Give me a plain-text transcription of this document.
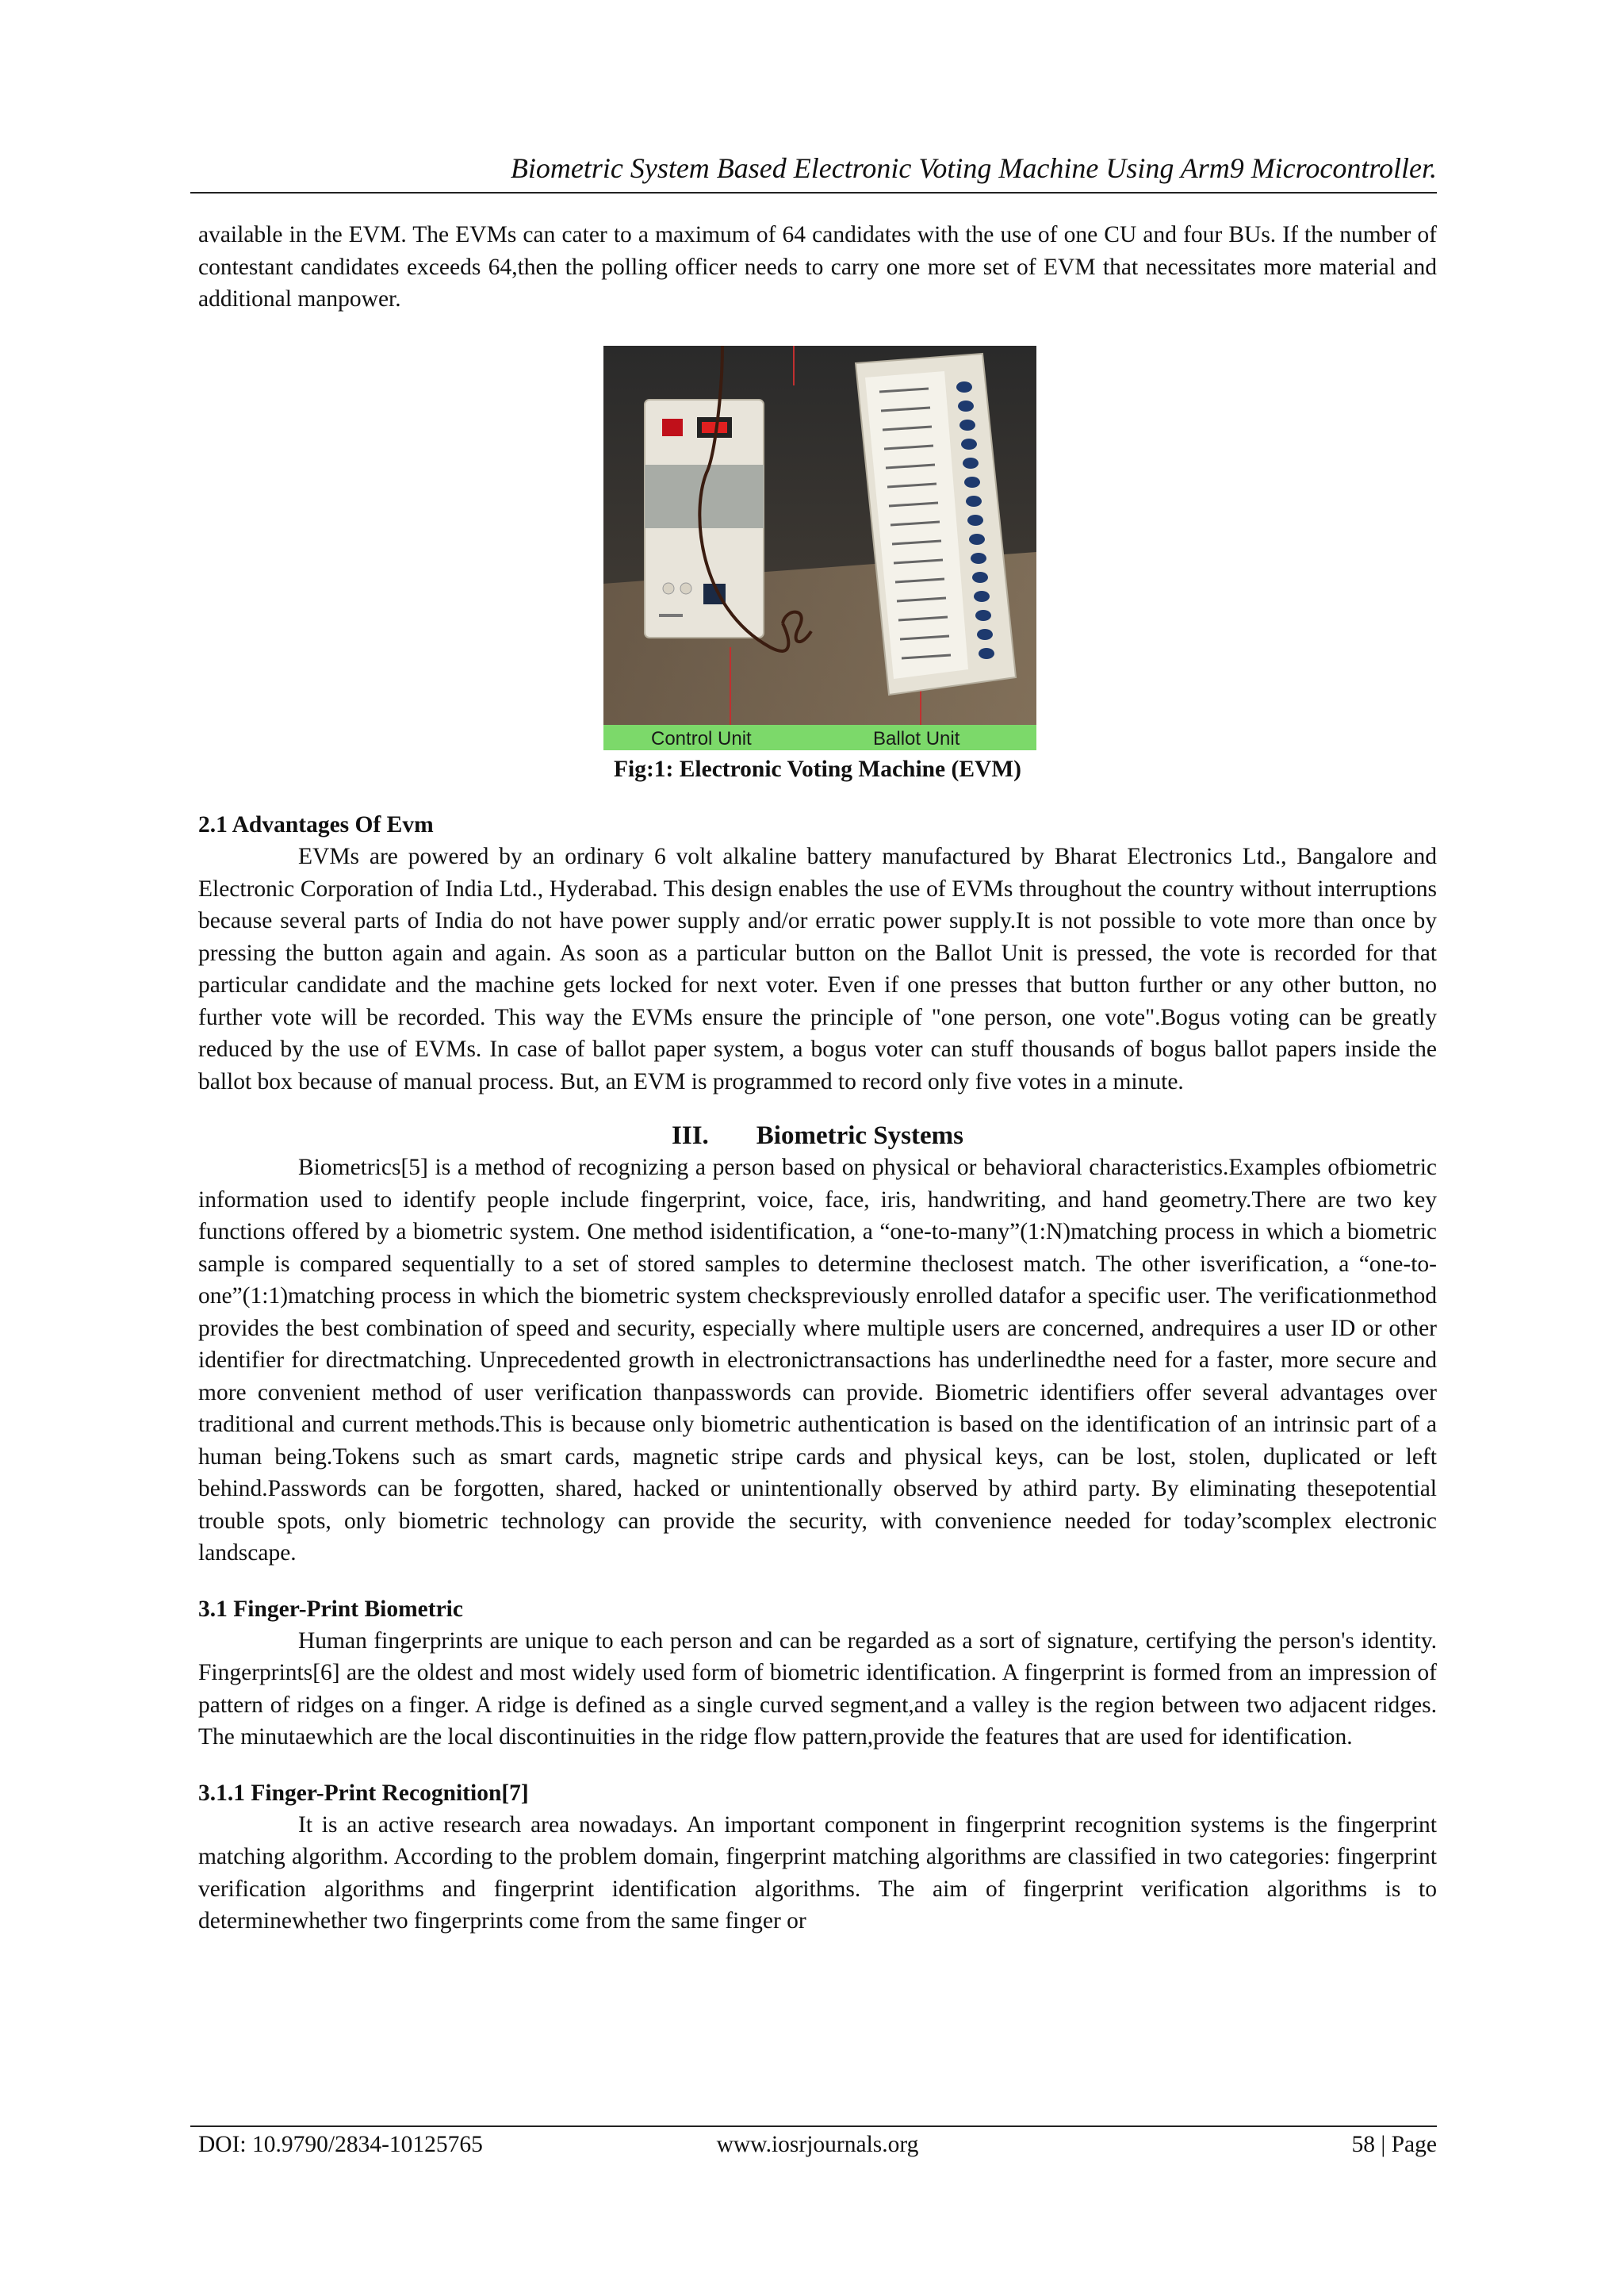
Biometric System Based Electronic Voting Machine Using Arm9 Microcontroller.

available in the EVM. The EVMs can cater to a maximum of 64 candidates with the use of one CU and four BUs. If the number of contestant candidates exceeds 64,then the polling officer needs to carry one more set of EVM that necessitates more material and additional manpower.

Control Unit	Ballot Unit

Fig:1: Electronic Voting Machine (EVM)

2.1 Advantages Of Evm

EVMs are powered by an ordinary 6 volt alkaline battery manufactured by Bharat Electronics Ltd., Bangalore and Electronic Corporation of India Ltd., Hyderabad. This design enables the use of EVMs throughout the country without interruptions because several parts of India do not have power supply and/or erratic power supply.It is not possible to vote more than once by pressing the button again and again. As soon as a particular button on the Ballot Unit is pressed, the vote is recorded for that particular candidate and the machine gets locked for next voter. Even if one presses that button further or any other button, no further vote will be recorded. This way the EVMs ensure the principle of "one person, one vote".Bogus voting can be greatly reduced by the use of EVMs. In case of ballot paper system, a bogus voter can stuff thousands of bogus ballot papers inside the ballot box because of manual process. But, an EVM is programmed to record only five votes in a minute.

III. Biometric Systems

Biometrics[5] is a method of recognizing a person based on physical or behavioral characteristics.Examples ofbiometric information used to identify people include fingerprint, voice, face, iris, handwriting, and hand geometry.There are two key functions offered by a biometric system. One method isidentification, a “one-to-many”(1:N)matching process in which a biometric sample is compared sequentially to a set of stored samples to determine theclosest match. The other isverification, a “one-to-one”(1:1)matching process in which the biometric system checkspreviously enrolled datafor a specific user. The verificationmethod provides the best combination of speed and security, especially where multiple users are concerned, andrequires a user ID or other identifier for directmatching. Unprecedented growth in electronictransactions has underlinedthe need for a faster, more secure and more convenient method of user verification thanpasswords can provide. Biometric identifiers offer several advantages over traditional and current methods.This is because only biometric authentication is based on the identification of an intrinsic part of a human being.Tokens such as smart cards, magnetic stripe cards and physical keys, can be lost, stolen, duplicated or left behind.Passwords can be forgotten, shared, hacked or unintentionally observed by athird party. By eliminating thesepotential trouble spots, only biometric technology can provide the security, with convenience needed for today’scomplex electronic landscape.

3.1 Finger-Print Biometric

Human fingerprints are unique to each person and can be regarded as a sort of signature, certifying the person's identity. Fingerprints[6] are the oldest and most widely used form of biometric identification. A fingerprint is formed from an impression of pattern of ridges on a finger. A ridge is defined as a single curved segment,and a valley is the region between two adjacent ridges. The minutaewhich are the local discontinuities in the ridge flow pattern,provide the features that are used for identification.

3.1.1 Finger-Print Recognition[7]

It is an active research area nowadays. An important component in fingerprint recognition systems is the fingerprint matching algorithm. According to the problem domain, fingerprint matching algorithms are classified in two categories: fingerprint verification algorithms and fingerprint identification algorithms. The aim of fingerprint verification algorithms is to determinewhether two fingerprints come from the same finger or

DOI: 10.9790/2834-10125765	www.iosrjournals.org	58 | Page
